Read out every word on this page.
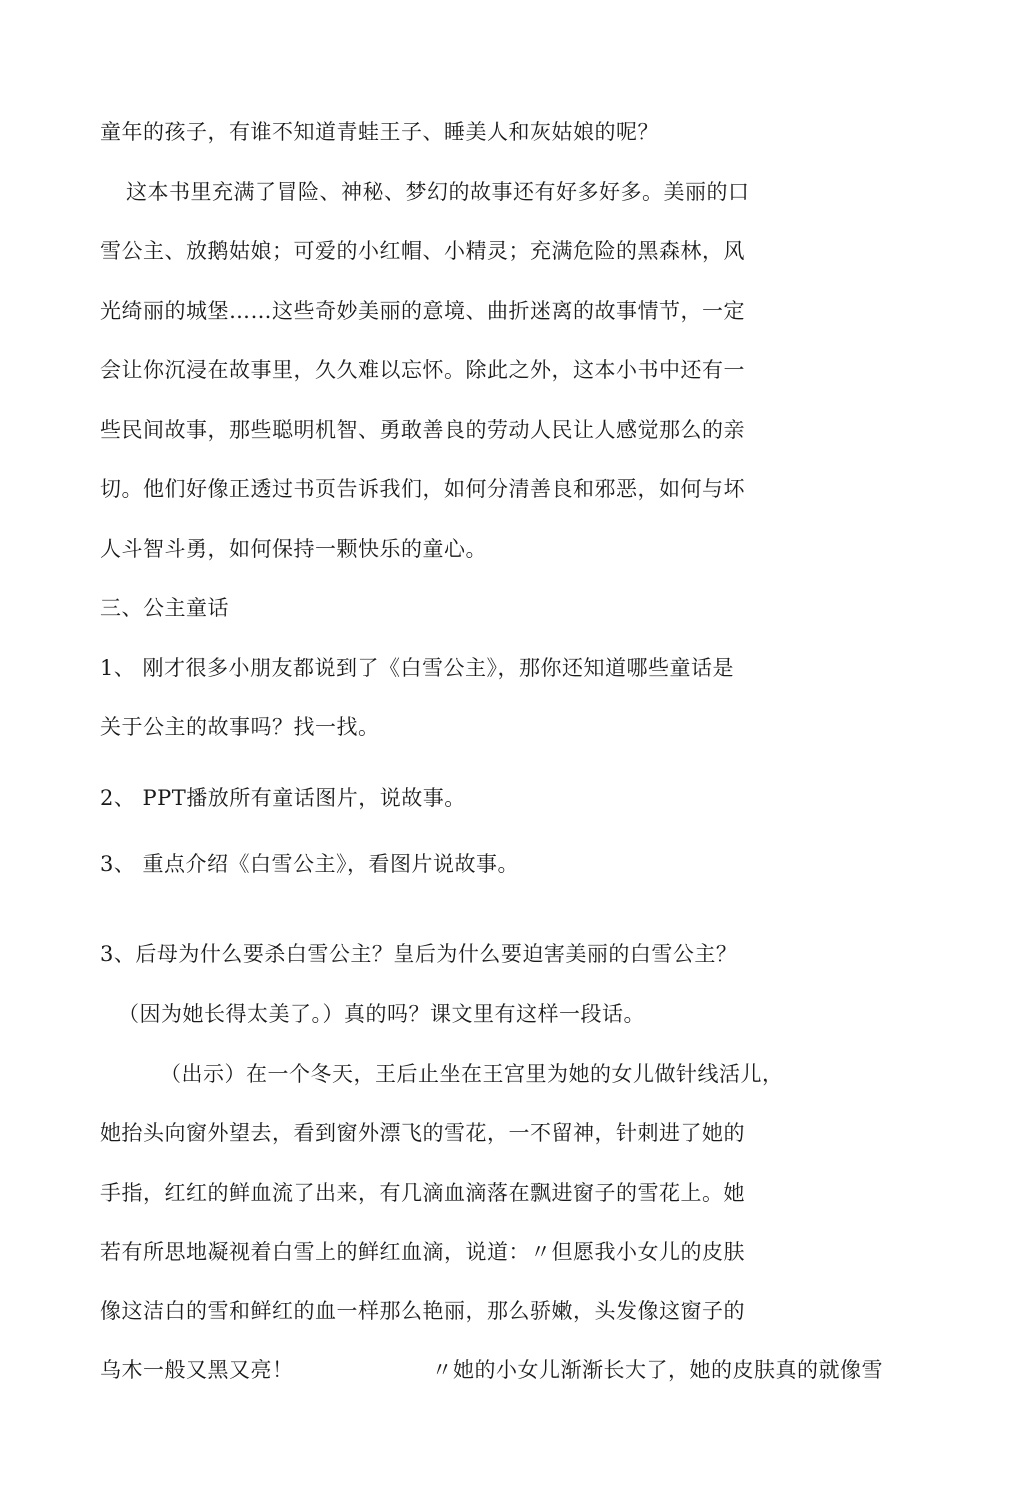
童年的孩子，有谁不知道青蛙王子、睡美人和灰姑娘的呢？
这本书里充满了冒险、神秘、梦幻的故事还有好多好多。美丽的口
雪公主、放鹅姑娘；可爱的小红帽、小精灵；充满危险的黑森林，风
光绮丽的城堡……这些奇妙美丽的意境、曲折迷离的故事情节，一定
会让你沉浸在故事里，久久难以忘怀。除此之外，这本小书中还有一
些民间故事，那些聪明机智、勇敢善良的劳动人民让人感觉那么的亲
切。他们好像正透过书页告诉我们，如何分清善良和邪恶，如何与坏
人斗智斗勇，如何保持一颗快乐的童心。
三、公主童话
1、 刚才很多小朋友都说到了《白雪公主》，那你还知道哪些童话是
关于公主的故事吗？找一找。
2、 PPT播放所有童话图片，说故事。
3、 重点介绍《白雪公主》，看图片说故事。
3、后母为什么要杀白雪公主？皇后为什么要迫害美丽的白雪公主？
（因为她长得太美了。）真的吗？课文里有这样一段话。
（出示）在一个冬天，王后止坐在王宫里为她的女儿做针线活儿，
她抬头向窗外望去，看到窗外漂飞的雪花，一不留神，针刺进了她的
手指，红红的鲜血流了出来，有几滴血滴落在飘进窗子的雪花上。她
若有所思地凝视着白雪上的鲜红血滴，说道：〃但愿我小女儿的皮肤
像这洁白的雪和鲜红的血一样那么艳丽，那么骄嫩，头发像这窗子的
乌木一般又黑又亮！	〃她的小女儿渐渐长大了，她的皮肤真的就像雪
